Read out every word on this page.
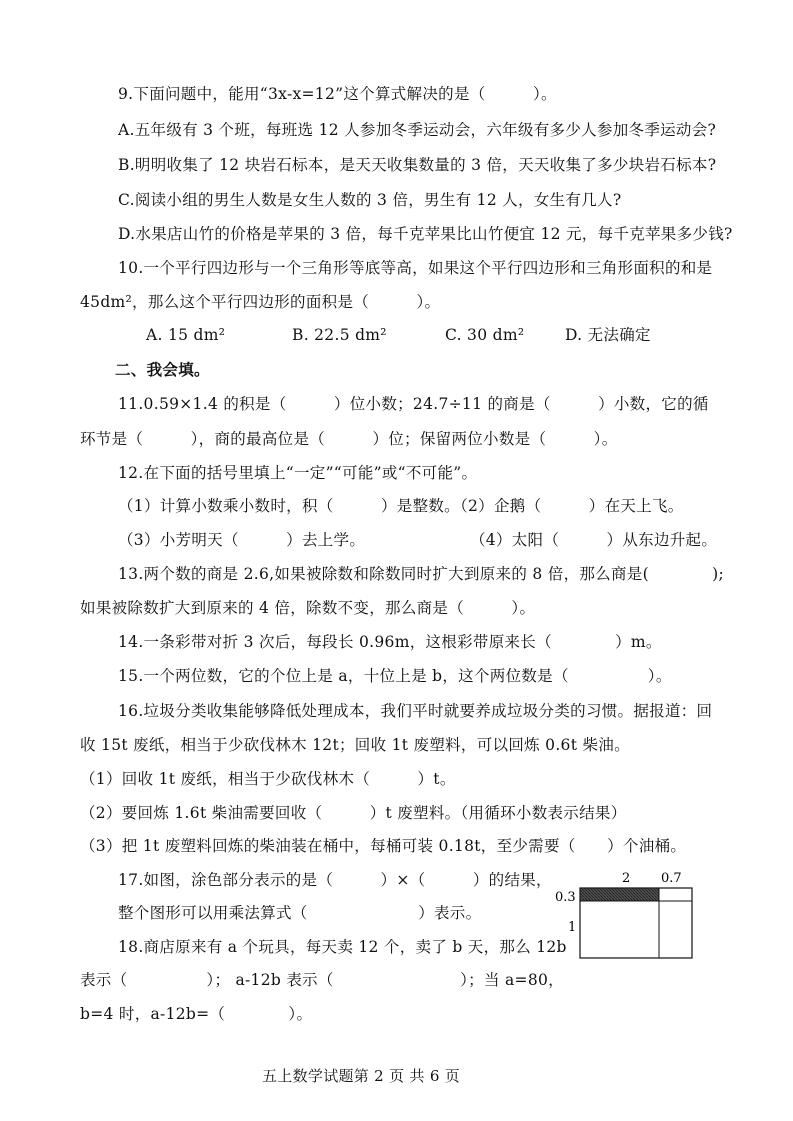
9.下面问题中，能用“3x-x=12”这个算式解决的是（　　　）。
A.五年级有 3 个班，每班选 12 人参加冬季运动会，六年级有多少人参加冬季运动会?
B.明明收集了 12 块岩石标本，是天天收集数量的 3 倍，天天收集了多少块岩石标本?
C.阅读小组的男生人数是女生人数的 3 倍，男生有 12 人，女生有几人?
D.水果店山竹的价格是苹果的 3 倍，每千克苹果比山竹便宜 12 元，每千克苹果多少钱?
10.一个平行四边形与一个三角形等底等高，如果这个平行四边形和三角形面积的和是
45dm²，那么这个平行四边形的面积是（　　　）。
A. 15 dm²	B. 22.5 dm²	C. 30 dm²	D. 无法确定
二、我会填。
11.0.59×1.4 的积是（　　　）位小数；24.7÷11 的商是（　　　）小数，它的循
环节是（　　　），商的最高位是（　　　）位；保留两位小数是（　　　）。
12.在下面的括号里填上“一定”“可能”或“不可能”。
（1）计算小数乘小数时，积（　　　）是整数。（2）企鹅（　　　）在天上飞。
（3）小芳明天（　　　）去上学。	（4）太阳（　　　）从东边升起。
13.两个数的商是 2.6,如果被除数和除数同时扩大到原来的 8 倍，那么商是(　　　　);
如果被除数扩大到原来的 4 倍，除数不变，那么商是（　　　）。
14.一条彩带对折 3 次后，每段长 0.96m，这根彩带原来长（　　　　）m。
15.一个两位数，它的个位上是 a，十位上是 b，这个两位数是（　　　　　）。
16.垃圾分类收集能够降低处理成本，我们平时就要养成垃圾分类的习惯。据报道：回
收 15t 废纸，相当于少砍伐林木 12t；回收 1t 废塑料，可以回炼 0.6t 柴油。
（1）回收 1t 废纸，相当于少砍伐林木（　　　）t。
（2）要回炼 1.6t 柴油需要回收（　　　）t 废塑料。（用循环小数表示结果）
（3）把 1t 废塑料回炼的柴油装在桶中，每桶可装 0.18t，至少需要（　　）个油桶。
17.如图，涂色部分表示的是（　　　）×（　　　）的结果，
整个图形可以用乘法算式（　　　　　　　）表示。
2 0.7
0.3
1
18.商店原来有 a 个玩具，每天卖 12 个，卖了 b 天，那么 12b
表示（　　　　　）； a-12b 表示（　　　　　　　　）；当 a=80，
b=4 时，a-12b=（　　　　）。
五上数学试题第 2 页 共 6 页
